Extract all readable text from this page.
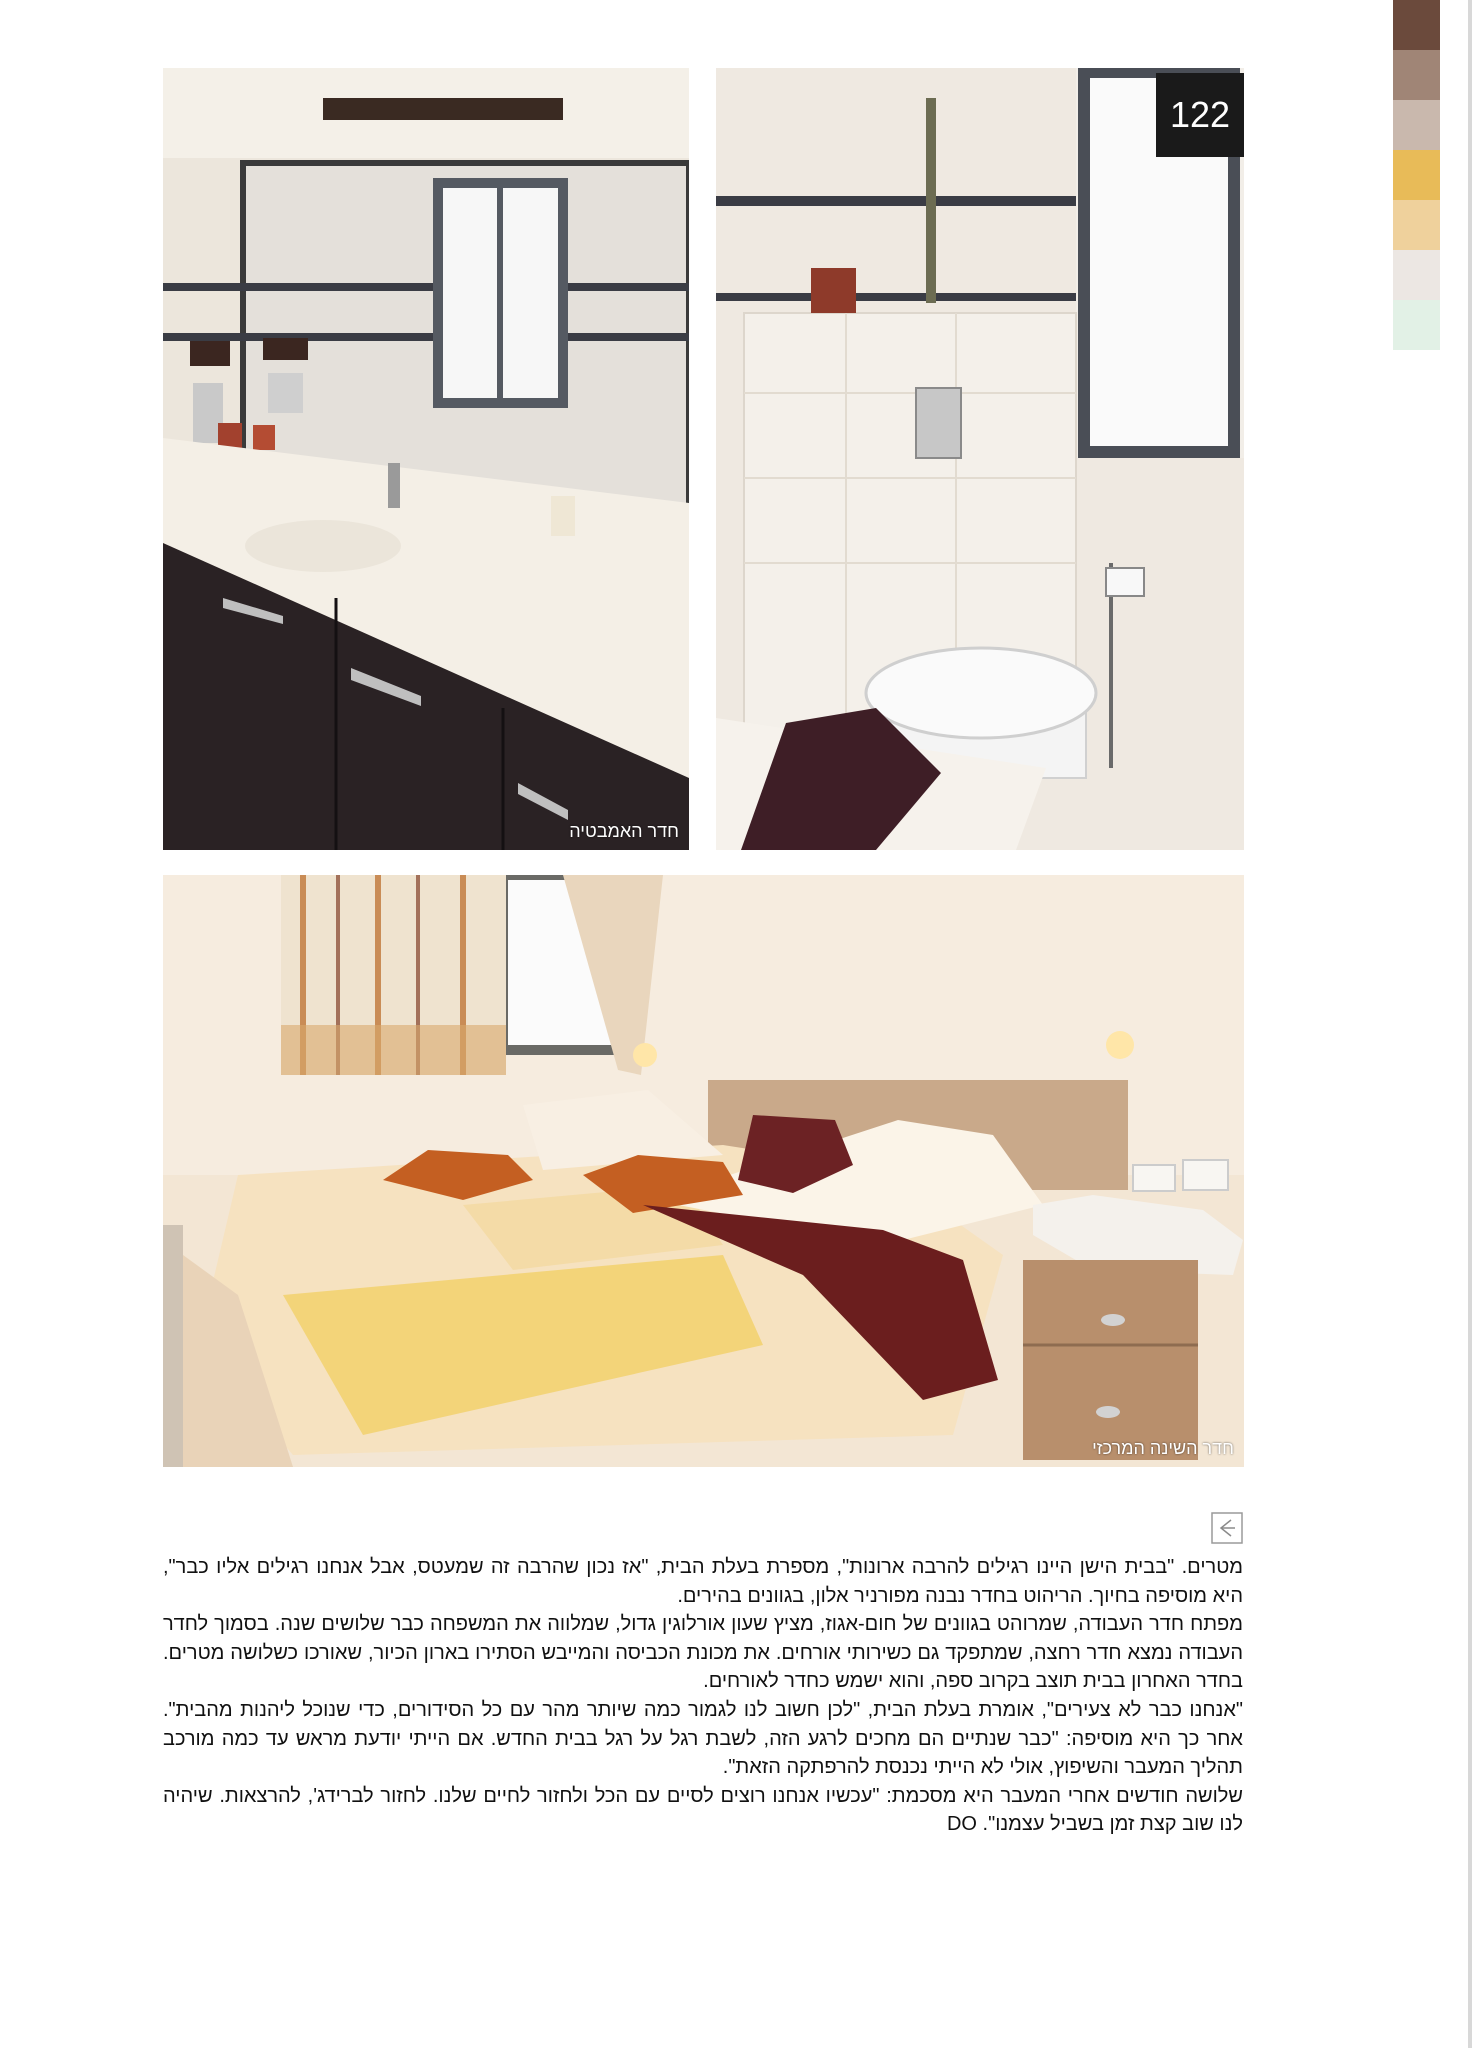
חדר האמבטיה
122
חדר השינה המרכזי

מטרים. "בבית הישן היינו רגילים להרבה ארונות", מספרת בעלת הבית, "אז נכון שהרבה זה שמעטס, אבל אנחנו רגילים אליו כבר", היא מוסיפה בחיוך. הריהוט בחדר נבנה מפורניר אלון, בגוונים בהירים.

מפתח חדר העבודה, שמרוהט בגוונים של חום-אגוז, מציץ שעון אורלוגין גדול, שמלווה את המשפחה כבר שלושים שנה. בסמוך לחדר העבודה נמצא חדר רחצה, שמתפקד גם כשירותי אורחים. את מכונת הכביסה והמייבש הסתירו בארון הכיור, שאורכו כשלושה מטרים. בחדר האחרון בבית תוצב בקרוב ספה, והוא ישמש כחדר לאורחים.

"אנחנו כבר לא צעירים", אומרת בעלת הבית, "לכן חשוב לנו לגמור כמה שיותר מהר עם כל הסידורים, כדי שנוכל ליהנות מהבית". אחר כך היא מוסיפה: "כבר שנתיים הם מחכים לרגע הזה, לשבת רגל על רגל בבית החדש. אם הייתי יודעת מראש עד כמה מורכב תהליך המעבר והשיפוץ, אולי לא הייתי נכנסת להרפתקה הזאת".

שלושה חודשים אחרי המעבר היא מסכמת: "עכשיו אנחנו רוצים לסיים עם הכל ולחזור לחיים שלנו. לחזור לברידג', להרצאות. שיהיה לנו שוב קצת זמן בשביל עצמנו". DO
